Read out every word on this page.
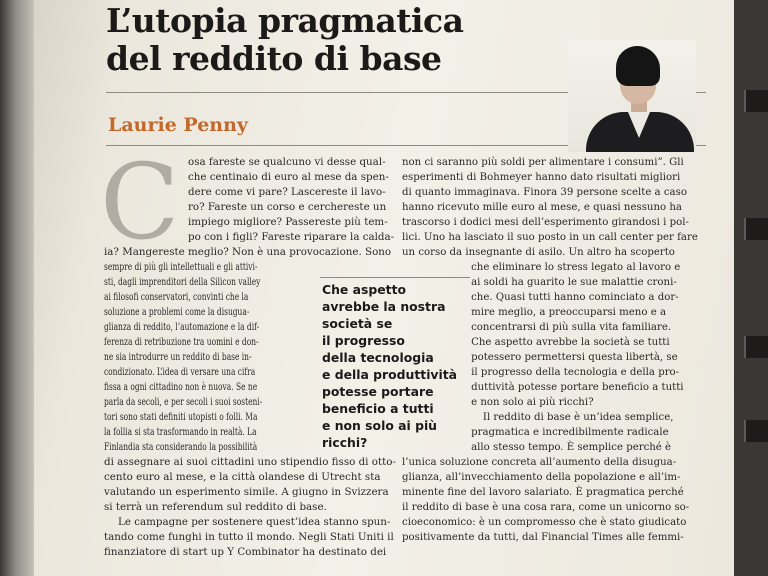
L’utopia pragmatica
del reddito di base
Laurie Penny
C osa fareste se qualcuno vi desse qual-
che centinaio di euro al mese da spen-
dere come vi pare? Lascereste il lavo-
ro? Fareste un corso e cerchereste un
impiego migliore? Passereste più tem-
po con i figli? Fareste riparare la calda-
ia? Mangereste meglio? Non è una provocazione. Sono
sempre di più gli intellettuali e gli attivi-
sti, dagli imprenditori della Silicon valley
ai filosofi conservatori, convinti che la
soluzione a problemi come la disugua-
glianza di reddito, l’automazione e la dif-
ferenza di retribuzione tra uomini e don-
ne sia introdurre un reddito di base in-
condizionato. L’idea di versare una cifra
fissa a ogni cittadino non è nuova. Se ne
parla da secoli, e per secoli i suoi sosteni-
tori sono stati definiti utopisti o folli. Ma
la follia si sta trasformando in realtà. La
Finlandia sta considerando la possibilità
di assegnare ai suoi cittadini uno stipendio fisso di otto-
cento euro al mese, e la città olandese di Utrecht sta
valutando un esperimento simile. A giugno in Svizzera
si terrà un referendum sul reddito di base.
Le campagne per sostenere quest’idea stanno spun-
tando come funghi in tutto il mondo. Negli Stati Uniti il
finanziatore di start up Y Combinator ha destinato dei
non ci saranno più soldi per alimentare i consumi”. Gli
esperimenti di Bohmeyer hanno dato risultati migliori
di quanto immaginava. Finora 39 persone scelte a caso
hanno ricevuto mille euro al mese, e quasi nessuno ha
trascorso i dodici mesi dell’esperimento girandosi i pol-
lici. Uno ha lasciato il suo posto in un call center per fare
un corso da insegnante di asilo. Un altro ha scoperto
che eliminare lo stress legato al lavoro e
ai soldi ha guarito le sue malattie croni-
che. Quasi tutti hanno cominciato a dor-
mire meglio, a preoccuparsi meno e a
concentrarsi di più sulla vita familiare.
Che aspetto avrebbe la società se tutti
potessero permettersi questa libertà, se
il progresso della tecnologia e della pro-
duttività potesse portare beneficio a tutti
e non solo ai più ricchi?
Il reddito di base è un’idea semplice,
pragmatica e incredibilmente radicale
allo stesso tempo. È semplice perché è
l’unica soluzione concreta all’aumento della disugua-
glianza, all’invecchiamento della popolazione e all’im-
minente fine del lavoro salariato. È pragmatica perché
il reddito di base è una cosa rara, come un unicorno so-
cioeconomico: è un compromesso che è stato giudicato
positivamente da tutti, dal Financial Times alle femmi-
Che aspetto
avrebbe la nostra
società se
il progresso
della tecnologia
e della produttività
potesse portare
beneficio a tutti
e non solo ai più
ricchi?
